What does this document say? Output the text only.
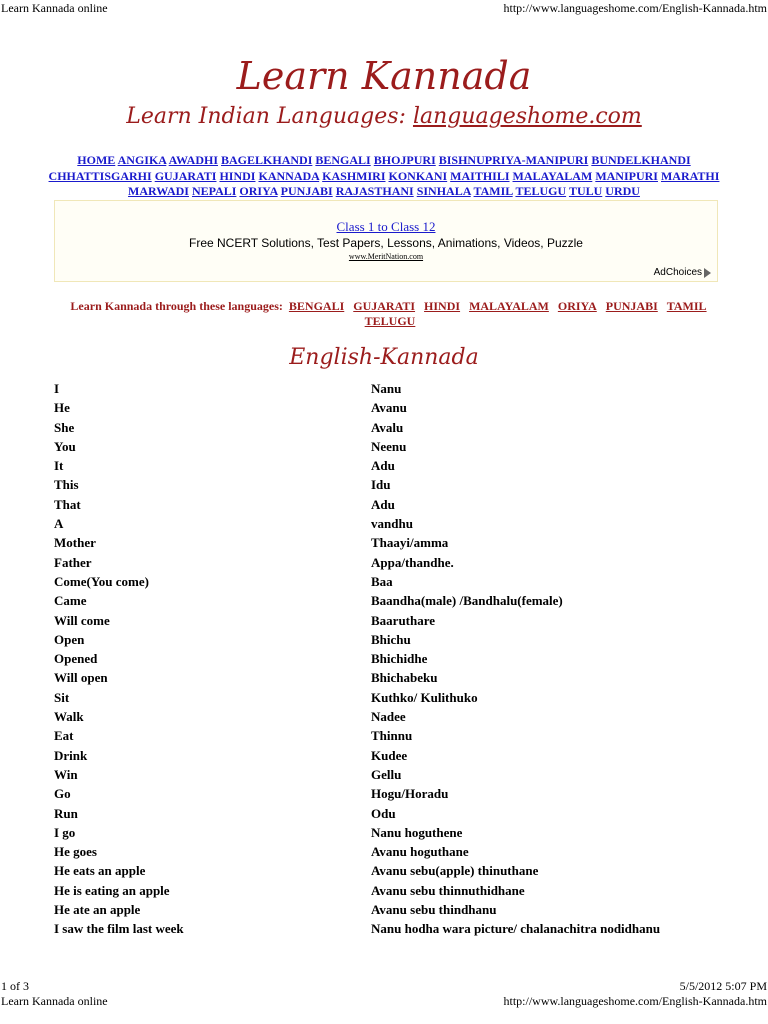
Learn Kannada online	http://www.languageshome.com/English-Kannada.htm
Learn Kannada
Learn Indian Languages: languageshome.com
HOME ANGIKA AWADHI BAGELKHANDI BENGALI BHOJPURI BISHNUPRIYA-MANIPURI BUNDELKHANDI CHHATTISGARHI GUJARATI HINDI KANNADA KASHMIRI KONKANI MAITHILI MALAYALAM MANIPURI MARATHI MARWADI NEPALI ORIYA PUNJABI RAJASTHANI SINHALA TAMIL TELUGU TULU URDU
Class 1 to Class 12
Free NCERT Solutions, Test Papers, Lessons, Animations, Videos, Puzzle
www.MeritNation.com
AdChoices
Learn Kannada through these languages: BENGALI GUJARATI HINDI MALAYALAM ORIYA PUNJABI TAMIL TELUGU
English-Kannada
I	Nanu
He	Avanu
She	Avalu
You	Neenu
It	Adu
This	Idu
That	Adu
A	vandhu
Mother	Thaayi/amma
Father	Appa/thandhe.
Come(You come)	Baa
Came	Baandha(male) /Bandhalu(female)
Will come	Baaruthare
Open	Bhichu
Opened	Bhichidhe
Will open	Bhichabeku
Sit	Kuthko/ Kulithuko
Walk	Nadee
Eat	Thinnu
Drink	Kudee
Win	Gellu
Go	Hogu/Horadu
Run	Odu
I go	Nanu hoguthene
He goes	Avanu hoguthane
He eats an apple	Avanu sebu(apple) thinuthane
He is eating an apple	Avanu sebu thinnuthidhane
He ate an apple	Avanu sebu thindhanu
I saw the film last week	Nanu hodha wara picture/ chalanachitra nodidhanu
1 of 3	5/5/2012 5:07 PM
Learn Kannada online	http://www.languageshome.com/English-Kannada.htm
